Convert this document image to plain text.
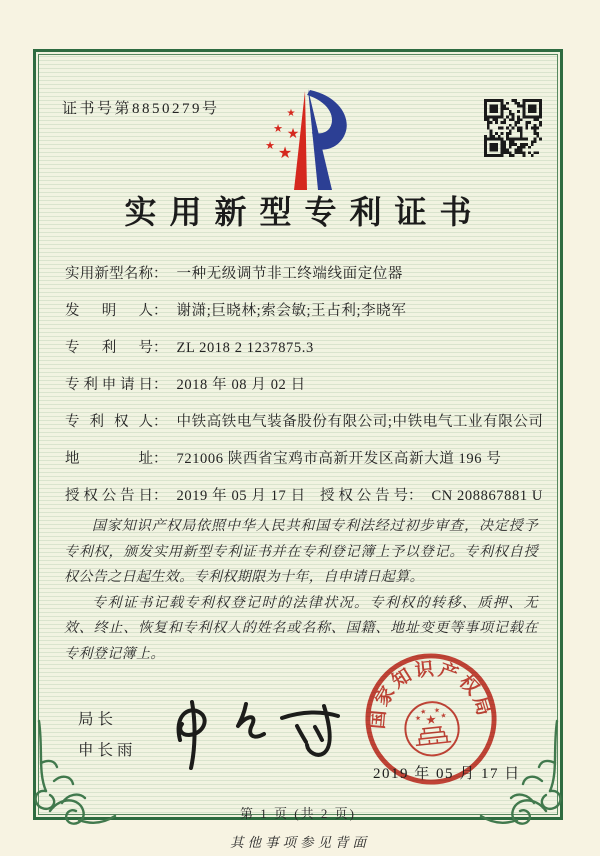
证书号第8850279号	★
★ ★
★ ★
实用新型专利证书
实用新型名称 ： 一种无级调节非工终端线面定位器
发明人 ： 谢潇;巨晓林;索会敏;王占利;李晓军
专利号 ： ZL 2018 2 1237875.3
专利申请日 ： 2018 年 08 月 02 日
专利权人 ： 中铁高铁电气装备股份有限公司;中铁电气工业有限公司
地址 ： 721006 陕西省宝鸡市高新开发区高新大道 196 号
授权公告日 ： 2019 年 05 月 17 日 授权公告号 ： CN 208867881 U

国家知识产权局依照中华人民共和国专利法经过初步审查，决定授予专利权，颁发实用新型专利证书并在专利登记簿上予以登记。专利权自授权公告之日起生效。专利权期限为十年，自申请日起算。

专利证书记载专利权登记时的法律状况。专利权的转移、质押、无效、终止、恢复和专利权人的姓名或名称、国籍、地址变更等事项记载在专利登记簿上。

局长
申长雨
国家知识产权局
★
★
★ ★
★
2019 年 05 月 17 日
第 1 页 (共 2 页)
其他事项参见背面
